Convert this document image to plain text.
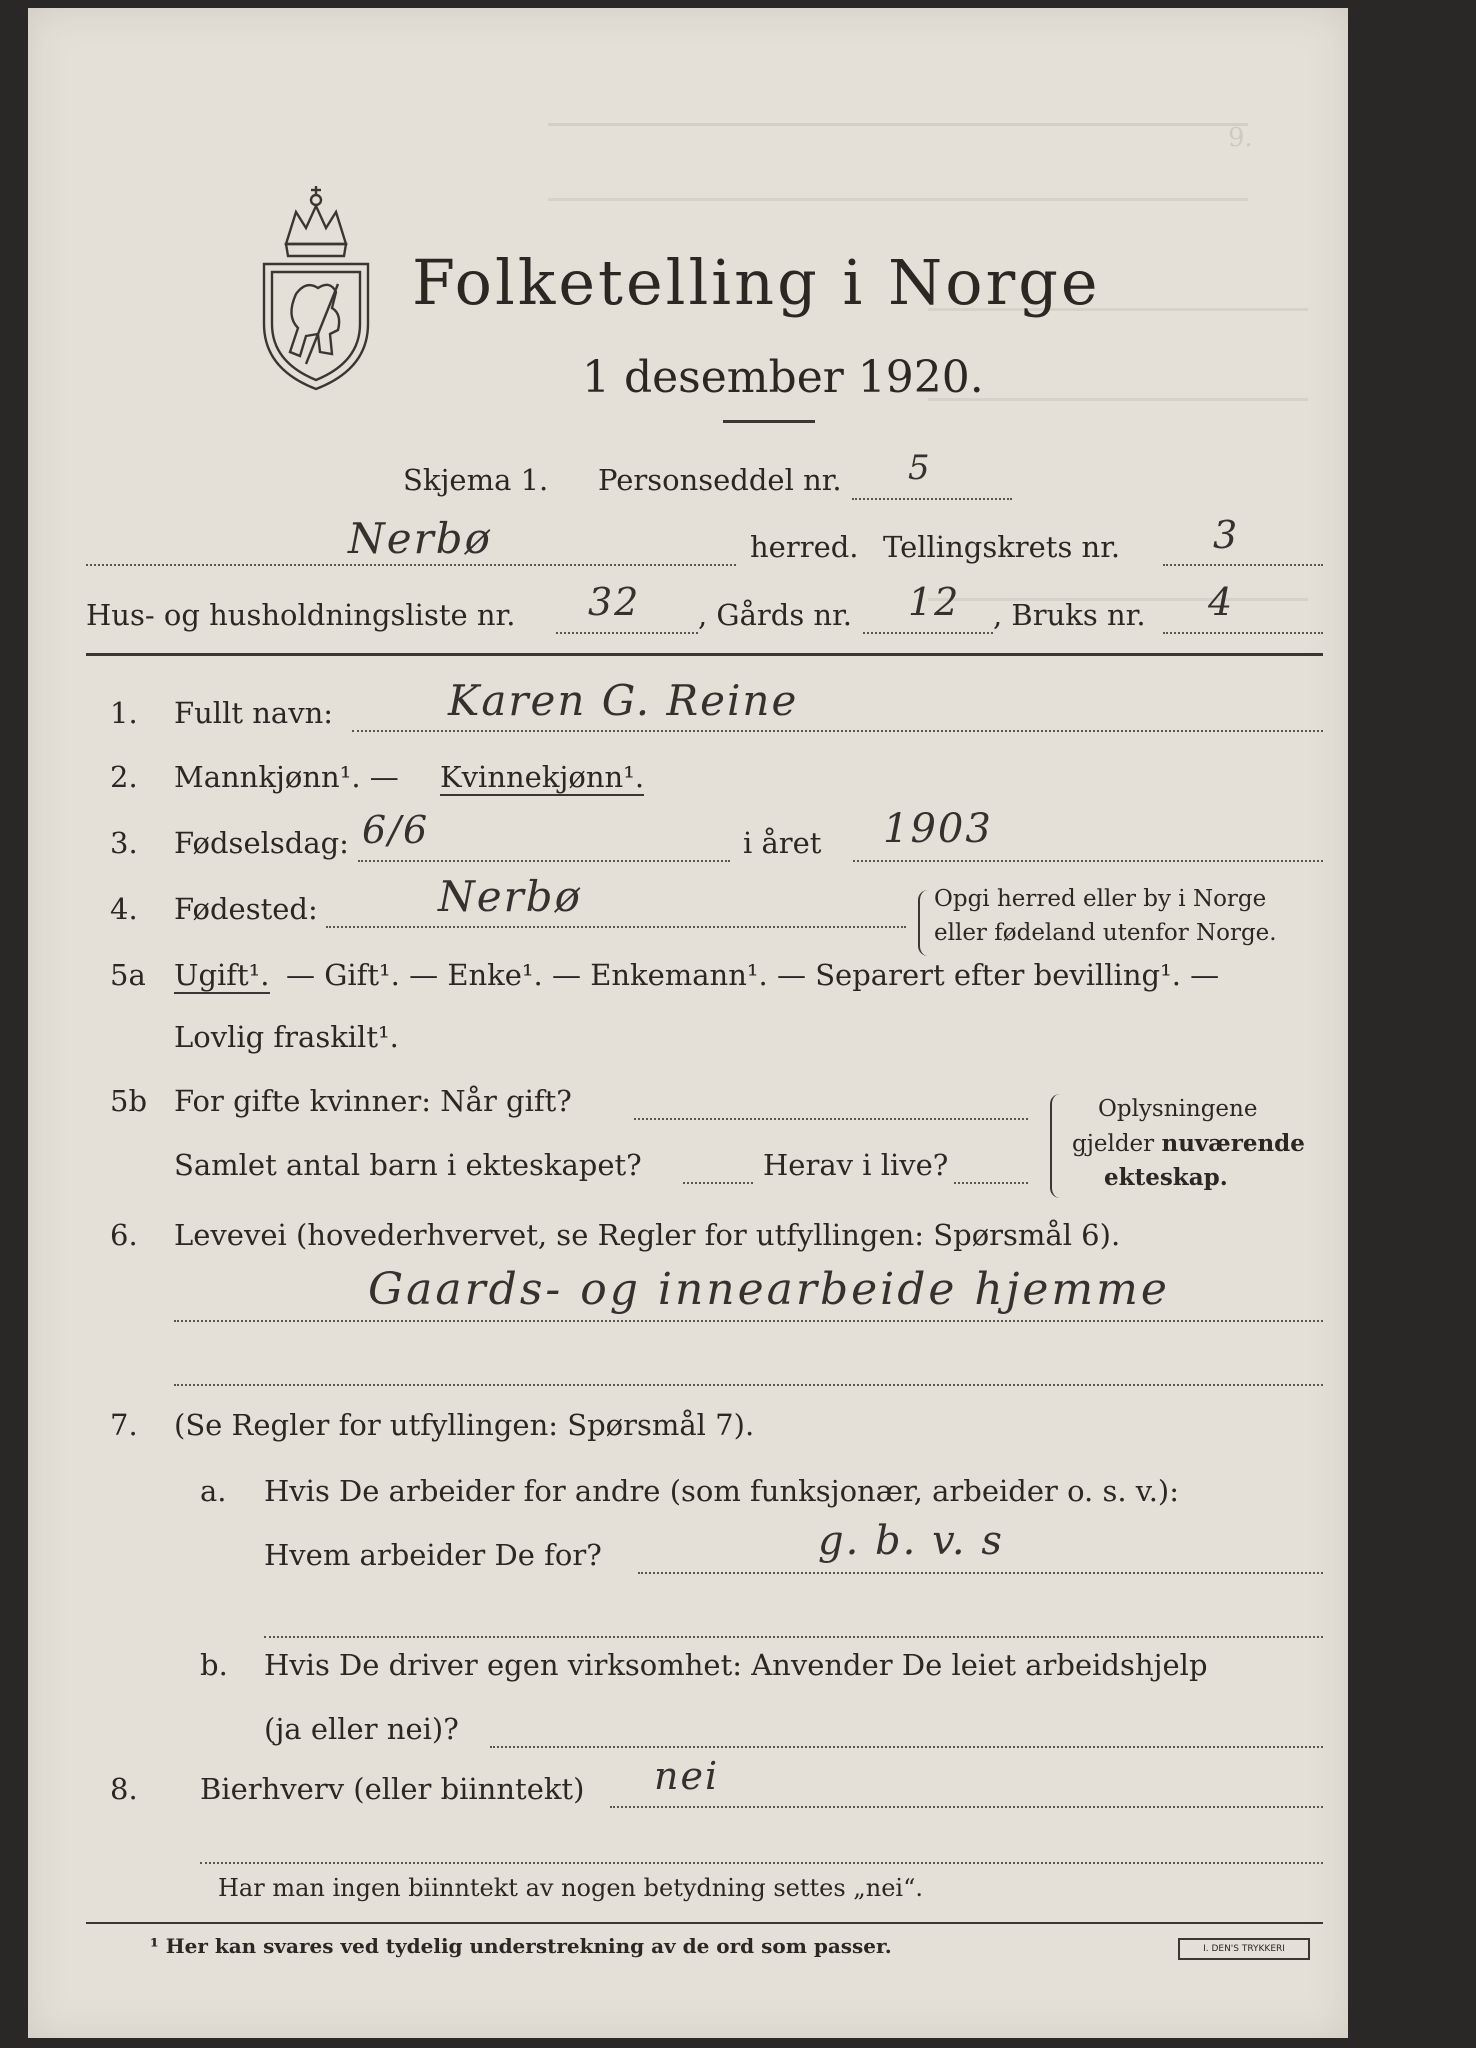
9.
Folketelling i Norge
1 desember 1920.
Skjema 1. Personseddel nr. 5
Nerbø	herred. Tellingskrets nr. 3
Hus- og husholdningsliste nr. 32 , Gårds nr. 12 , Bruks nr. 4
1. Fullt navn:	Karen G. Reine
2. Mannkjønn¹. — Kvinnekjønn¹.
3. Fødselsdag: 6/6	i året 1903
4. Fødested:	Nerbø	Opgi herred eller by i Norge
eller fødeland utenfor Norge.
5a Ugift¹. — Gift¹. — Enke¹. — Enkemann¹. — Separert efter bevilling¹. —
Lovlig fraskilt¹.
5b For gifte kvinner: Når gift?
Samlet antal barn i ekteskapet?	Herav i live?
Oplysningene
gjelder nuværende
ekteskap.
6. Levevei (hovederhvervet, se Regler for utfyllingen: Spørsmål 6).
Gaards- og innearbeide hjemme
7. (Se Regler for utfyllingen: Spørsmål 7).
a. Hvis De arbeider for andre (som funksjonær, arbeider o. s. v.):
Hvem arbeider De for?	g. b. v. s
b. Hvis De driver egen virksomhet: Anvender De leiet arbeidshjelp
(ja eller nei)?
8. Bierhverv (eller biinntekt) nei
Har man ingen biinntekt av nogen betydning settes „nei“.
¹ Her kan svares ved tydelig understrekning av de ord som passer.	I. DEN'S TRYKKERI
